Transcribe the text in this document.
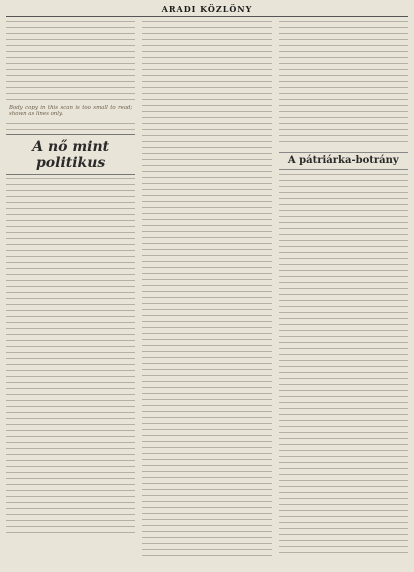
ARADI KÖZLÖNY
A nő mint politikus
Body copy in this scan is too small to read; shown as lines only.
A pátriárka-botrány
